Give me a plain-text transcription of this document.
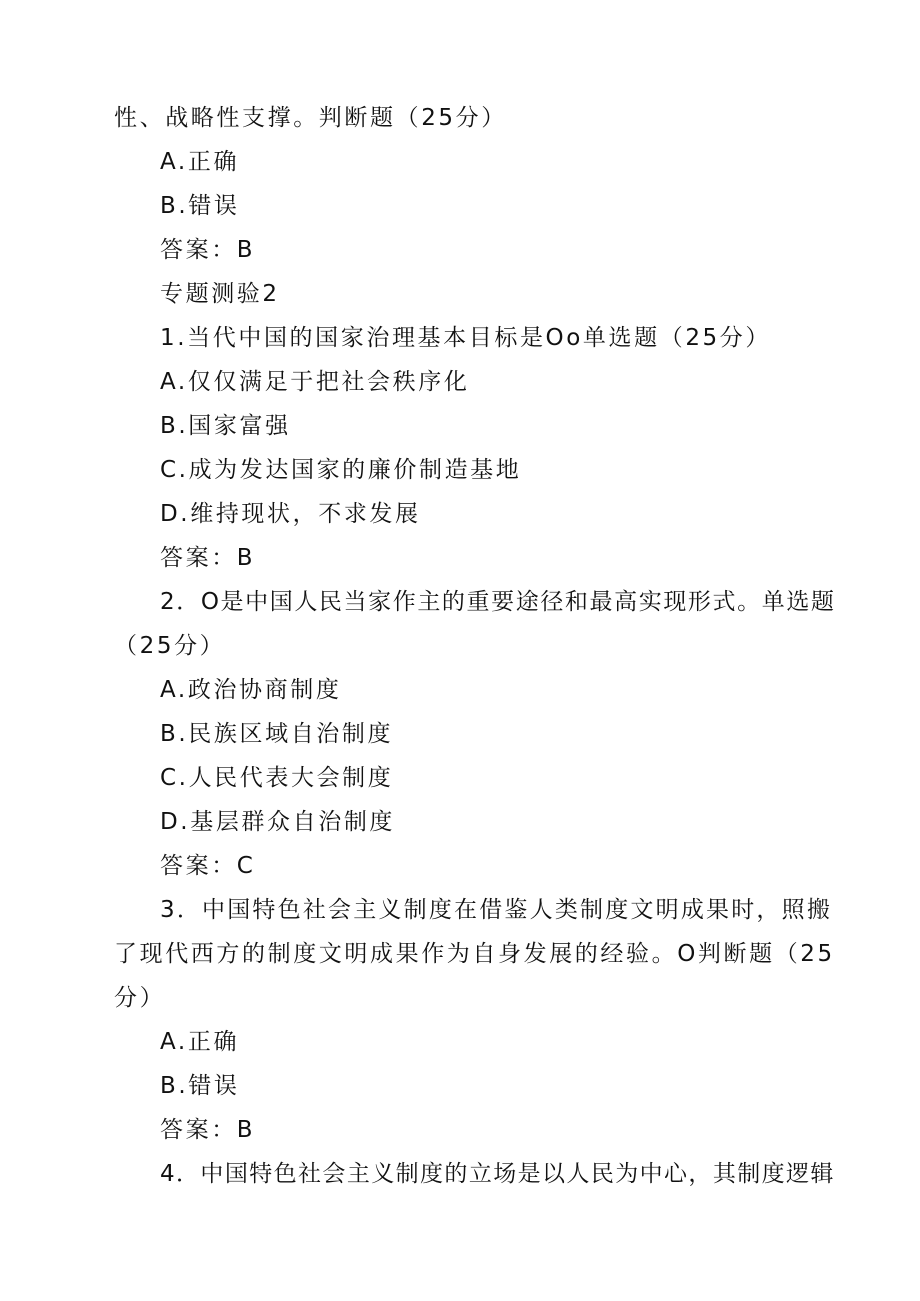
性、战略性支撑。判断题（25分）
A.正确
B.错误
答案：B
专题测验2
1.当代中国的国家治理基本目标是Oo单选题（25分）
A.仅仅满足于把社会秩序化
B.国家富强
C.成为发达国家的廉价制造基地
D.维持现状，不求发展
答案：B
2．O是中国人民当家作主的重要途径和最高实现形式。单选题
（25分）
A.政治协商制度
B.民族区域自治制度
C.人民代表大会制度
D.基层群众自治制度
答案：C
3．中国特色社会主义制度在借鉴人类制度文明成果时，照搬
了现代西方的制度文明成果作为自身发展的经验。O判断题（25
分）
A.正确
B.错误
答案：B
4．中国特色社会主义制度的立场是以人民为中心，其制度逻辑
